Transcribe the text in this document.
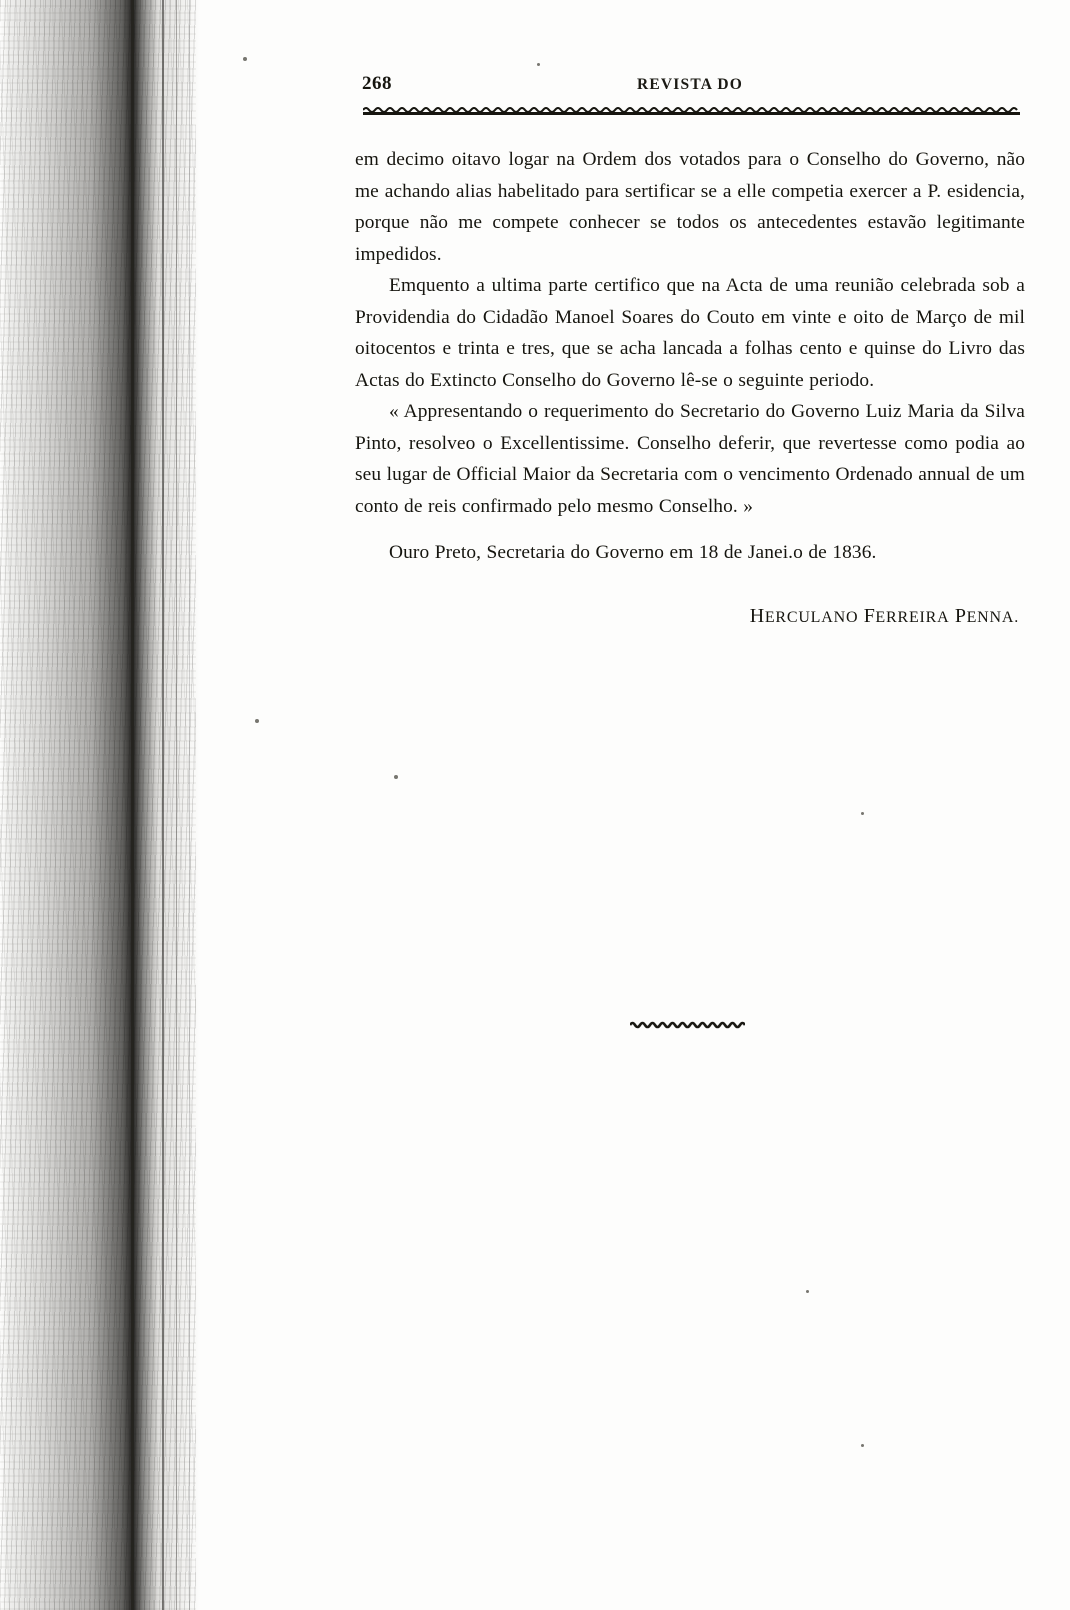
268	REVISTA DO

em decimo oitavo logar na Ordem dos votados para o Conselho do Governo, não me achando alias habelitado para sertificar se a elle competia exercer a P. esidencia, porque não me compete conhecer se todos os antecedentes estavão legitimante impedidos.

Emquento a ultima parte certifico que na Acta de uma reunião celebrada sob a Providendia do Cidadão Manoel Soares do Couto em vinte e oito de Março de mil oitocentos e trinta e tres, que se acha lancada a folhas cento e quinse do Livro das Actas do Extincto Conselho do Governo lê-se o seguinte periodo.

« Appresentando o requerimento do Secretario do Governo Luiz Maria da Silva Pinto, resolveo o Excellentissime. Conselho deferir, que revertesse como podia ao seu lugar de Official Maior da Secretaria com o vencimento Ordenado annual de um conto de reis confirmado pelo mesmo Conselho. »

Ouro Preto, Secretaria do Governo em 18 de Janei.o de 1836.

HERCULANO FERREIRA PENNA.
